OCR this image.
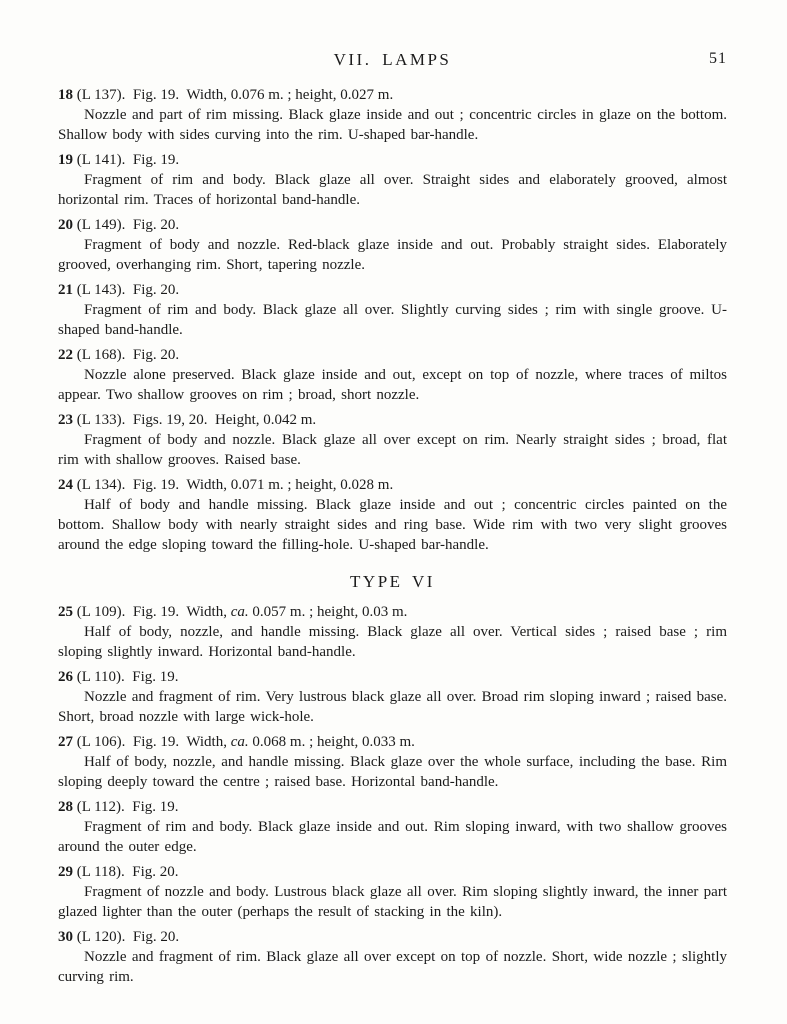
VII. LAMPS	51
18 (L 137).  Fig. 19.  Width, 0.076 m. ; height, 0.027 m.

Nozzle and part of rim missing. Black glaze inside and out ; concentric circles in glaze on the bottom. Shallow body with sides curving into the rim. U-shaped bar-handle.

19 (L 141).  Fig. 19.

Fragment of rim and body. Black glaze all over. Straight sides and elaborately grooved, almost horizontal rim. Traces of horizontal band-handle.

20 (L 149).  Fig. 20.

Fragment of body and nozzle. Red-black glaze inside and out. Probably straight sides. Elaborately grooved, overhanging rim. Short, tapering nozzle.

21 (L 143).  Fig. 20.

Fragment of rim and body. Black glaze all over. Slightly curving sides ; rim with single groove. U-shaped band-handle.

22 (L 168).  Fig. 20.

Nozzle alone preserved. Black glaze inside and out, except on top of nozzle, where traces of miltos appear. Two shallow grooves on rim ; broad, short nozzle.

23 (L 133).  Figs. 19, 20.  Height, 0.042 m.

Fragment of body and nozzle. Black glaze all over except on rim. Nearly straight sides ; broad, flat rim with shallow grooves. Raised base.

24 (L 134).  Fig. 19.  Width, 0.071 m. ; height, 0.028 m.

Half of body and handle missing. Black glaze inside and out ; concentric circles painted on the bottom. Shallow body with nearly straight sides and ring base. Wide rim with two very slight grooves around the edge sloping toward the filling-hole. U-shaped bar-handle.

TYPE VI
25 (L 109).  Fig. 19.  Width, ca. 0.057 m. ; height, 0.03 m.

Half of body, nozzle, and handle missing. Black glaze all over. Vertical sides ; raised base ; rim sloping slightly inward. Horizontal band-handle.

26 (L 110).  Fig. 19.

Nozzle and fragment of rim. Very lustrous black glaze all over. Broad rim sloping inward ; raised base. Short, broad nozzle with large wick-hole.

27 (L 106).  Fig. 19.  Width, ca. 0.068 m. ; height, 0.033 m.

Half of body, nozzle, and handle missing. Black glaze over the whole surface, including the base. Rim sloping deeply toward the centre ; raised base. Horizontal band-handle.

28 (L 112).  Fig. 19.

Fragment of rim and body. Black glaze inside and out. Rim sloping inward, with two shallow grooves around the outer edge.

29 (L 118).  Fig. 20.

Fragment of nozzle and body. Lustrous black glaze all over. Rim sloping slightly inward, the inner part glazed lighter than the outer (perhaps the result of stacking in the kiln).

30 (L 120).  Fig. 20.

Nozzle and fragment of rim. Black glaze all over except on top of nozzle. Short, wide nozzle ; slightly curving rim.
